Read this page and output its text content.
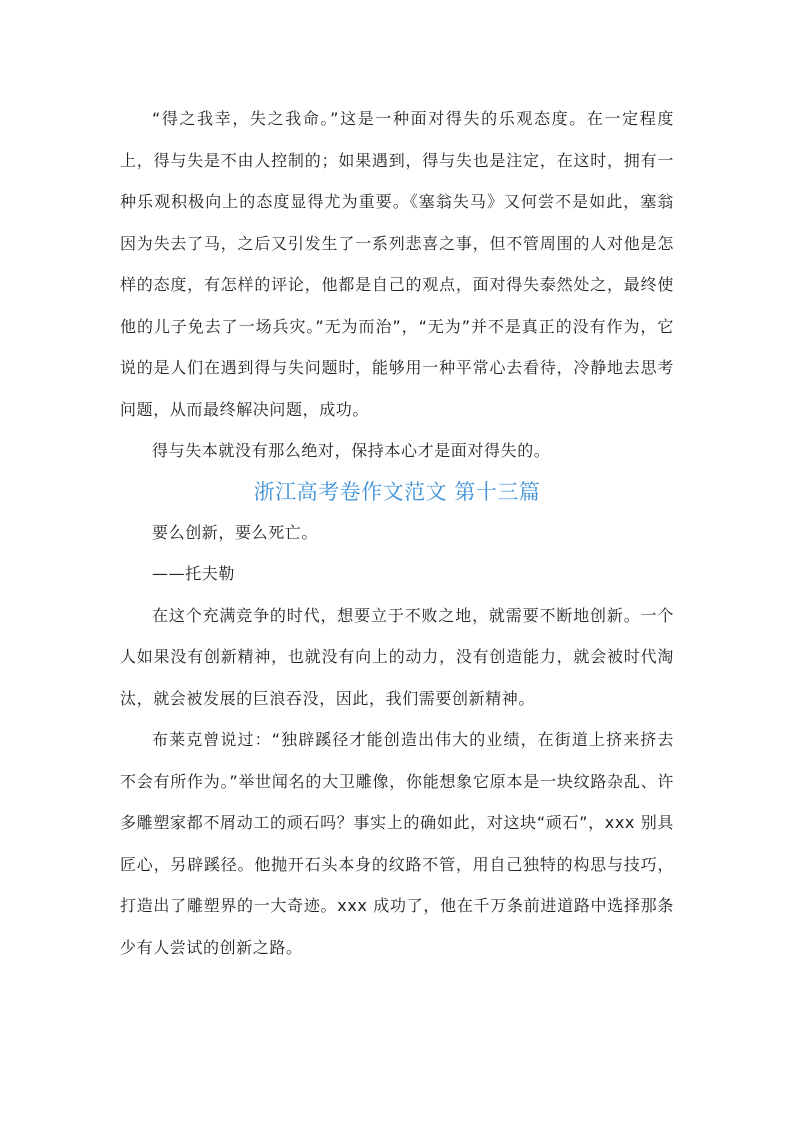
“得之我幸，失之我命。”这是一种面对得失的乐观态度。在一定程度上，得与失是不由人控制的；如果遇到，得与失也是注定，在这时，拥有一种乐观积极向上的态度显得尤为重要。《塞翁失马》又何尝不是如此，塞翁因为失去了马，之后又引发生了一系列悲喜之事，但不管周围的人对他是怎样的态度，有怎样的评论，他都是自己的观点，面对得失泰然处之，最终使他的儿子免去了一场兵灾。”无为而治”，“无为”并不是真正的没有作为，它说的是人们在遇到得与失问题时，能够用一种平常心去看待，冷静地去思考问题，从而最终解决问题，成功。

得与失本就没有那么绝对，保持本心才是面对得失的。

浙江高考卷作文范文 第十三篇

要么创新，要么死亡。

——托夫勒

在这个充满竞争的时代，想要立于不败之地，就需要不断地创新。一个人如果没有创新精神，也就没有向上的动力，没有创造能力，就会被时代淘汰，就会被发展的巨浪吞没，因此，我们需要创新精神。

布莱克曾说过：“独辟蹊径才能创造出伟大的业绩，在街道上挤来挤去不会有所作为。”举世闻名的大卫雕像，你能想象它原本是一块纹路杂乱、许多雕塑家都不屑动工的顽石吗？事实上的确如此，对这块“顽石”，xxx 别具匠心，另辟蹊径。他抛开石头本身的纹路不管，用自己独特的构思与技巧，打造出了雕塑界的一大奇迹。xxx 成功了，他在千万条前进道路中选择那条少有人尝试的创新之路。
